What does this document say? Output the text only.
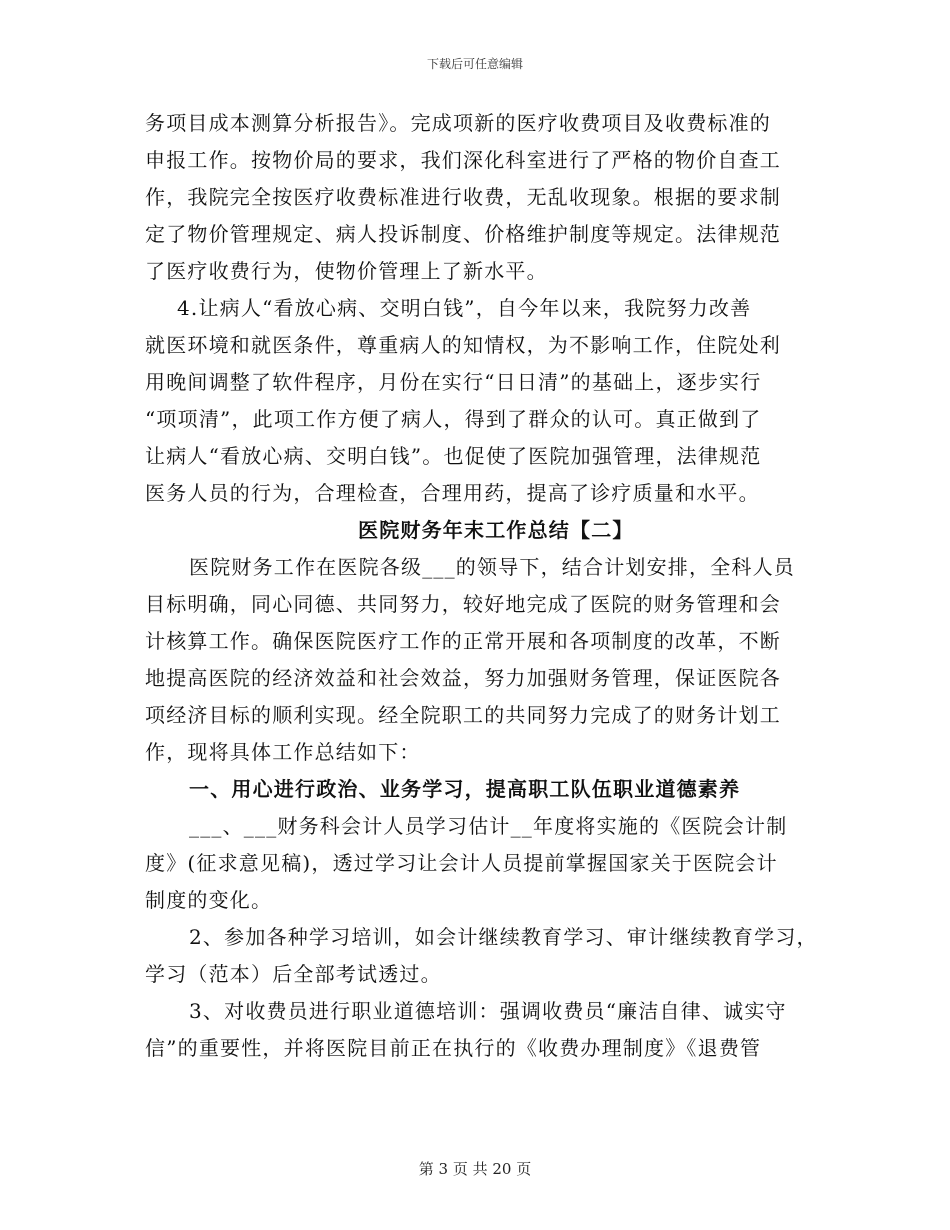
下载后可任意编辑
务项目成本测算分析报告》。完成项新的医疗收费项目及收费标准的
申报工作。按物价局的要求，我们深化科室进行了严格的物价自查工
作，我院完全按医疗收费标准进行收费，无乱收现象。根据的要求制
定了物价管理规定、病人投诉制度、价格维护制度等规定。法律规范
了医疗收费行为，使物价管理上了新水平。
4.让病人“看放心病、交明白钱”，自今年以来，我院努力改善
就医环境和就医条件，尊重病人的知情权，为不影响工作，住院处利
用晚间调整了软件程序，月份在实行“日日清”的基础上，逐步实行
“项项清”，此项工作方便了病人，得到了群众的认可。真正做到了
让病人“看放心病、交明白钱”。也促使了医院加强管理，法律规范
医务人员的行为，合理检查，合理用药，提高了诊疗质量和水平。
医院财务年末工作总结【二】
医院财务工作在医院各级___的领导下，结合计划安排，全科人员
目标明确，同心同德、共同努力，较好地完成了医院的财务管理和会
计核算工作。确保医院医疗工作的正常开展和各项制度的改革，不断
地提高医院的经济效益和社会效益，努力加强财务管理，保证医院各
项经济目标的顺利实现。经全院职工的共同努力完成了的财务计划工
作，现将具体工作总结如下：
一、用心进行政治、业务学习，提高职工队伍职业道德素养
___、___财务科会计人员学习估计__年度将实施的《医院会计制
度》(征求意见稿)，透过学习让会计人员提前掌握国家关于医院会计
制度的变化。
2、参加各种学习培训，如会计继续教育学习、审计继续教育学习，
学习（范本）后全部考试透过。
3、对收费员进行职业道德培训：强调收费员“廉洁自律、诚实守
信”的重要性，并将医院目前正在执行的《收费办理制度》《退费管
第 3 页 共 20 页
